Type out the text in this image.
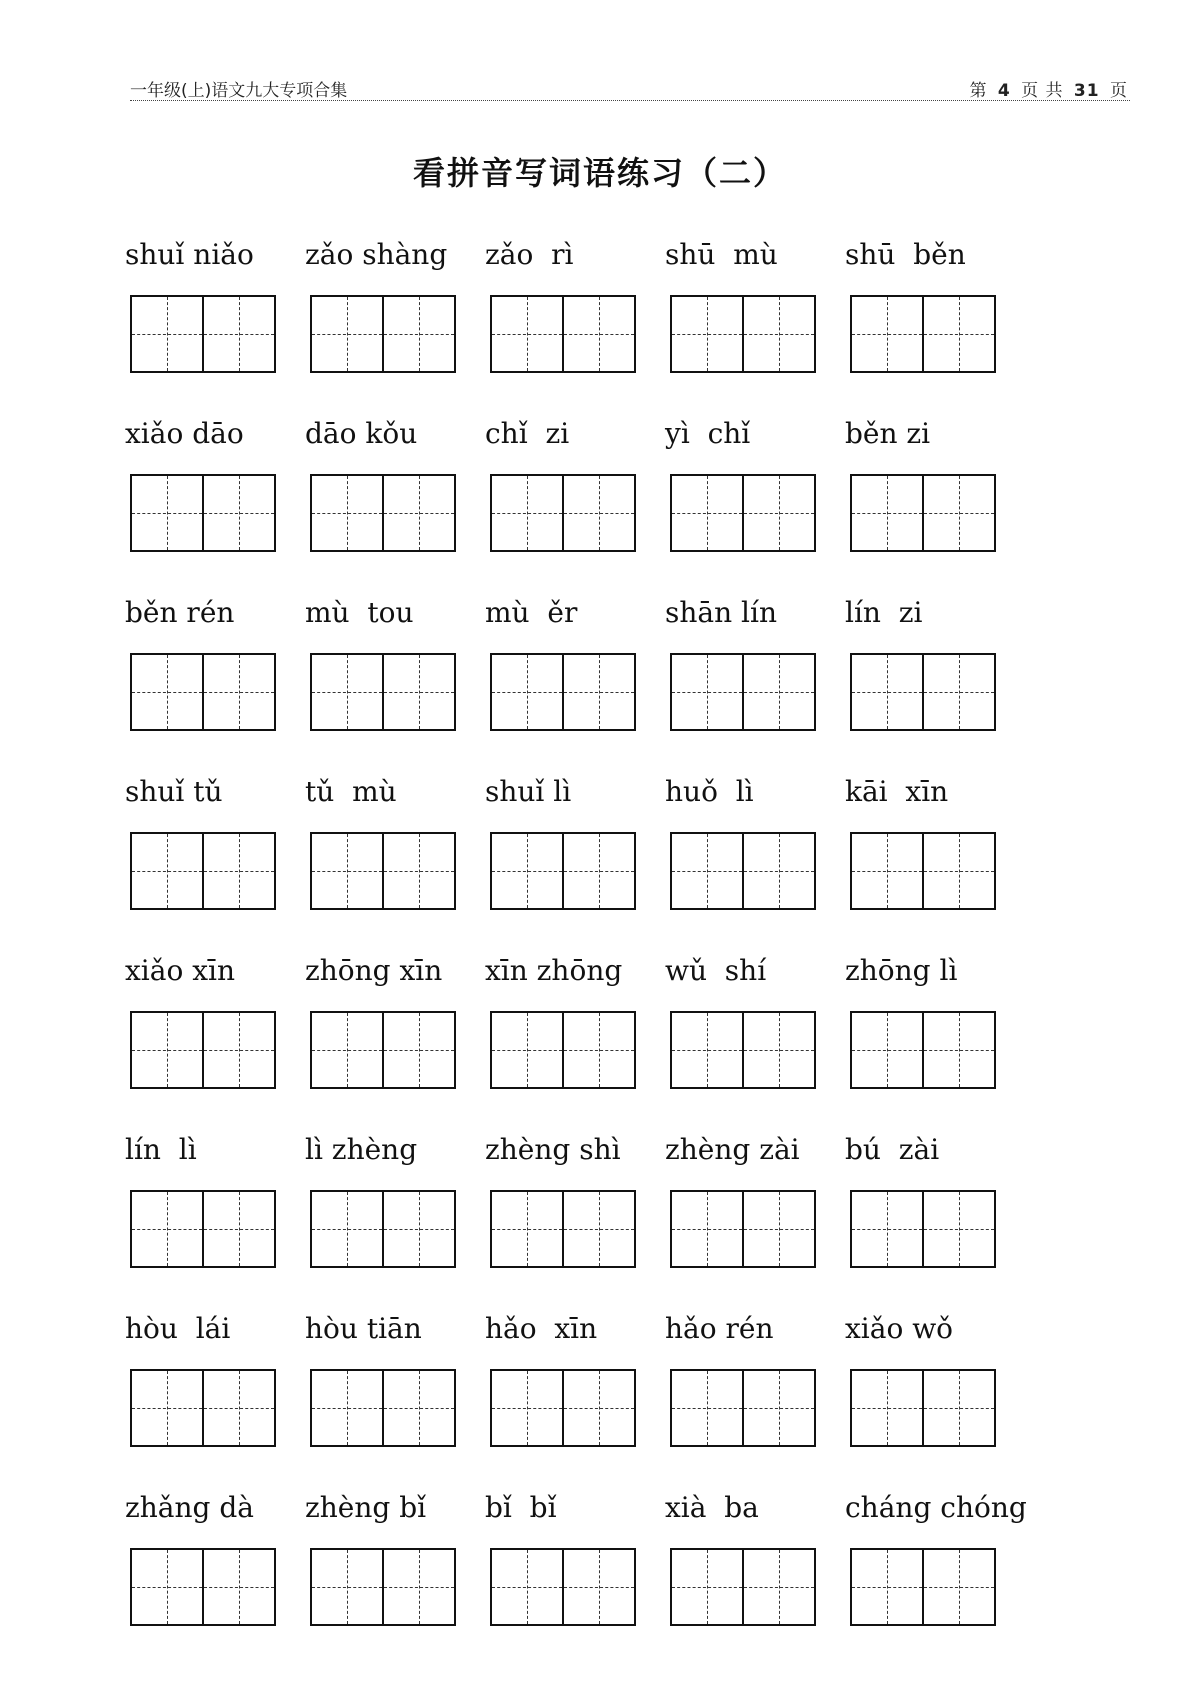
一年级(上)语文九大专项合集	第 4 页 共 31 页
看拼音写词语练习（二）
shuǐ niǎo	zǎo shàng	zǎo  rì	shū  mù	shū  běn
xiǎo dāo	dāo kǒu	chǐ  zi	yì  chǐ	běn zi
běn rén	mù  tou	mù  ěr	shān lín	lín  zi
shuǐ tǔ	tǔ  mù	shuǐ lì	huǒ  lì	kāi  xīn
xiǎo xīn	zhōng xīn	xīn zhōng	wǔ  shí	zhōng lì
lín  lì	lì zhèng	zhèng shì	zhèng zài	bú  zài
hòu  lái	hòu tiān	hǎo  xīn	hǎo rén	xiǎo wǒ
zhǎng dà	zhèng bǐ	bǐ  bǐ	xià  ba	cháng chóng
